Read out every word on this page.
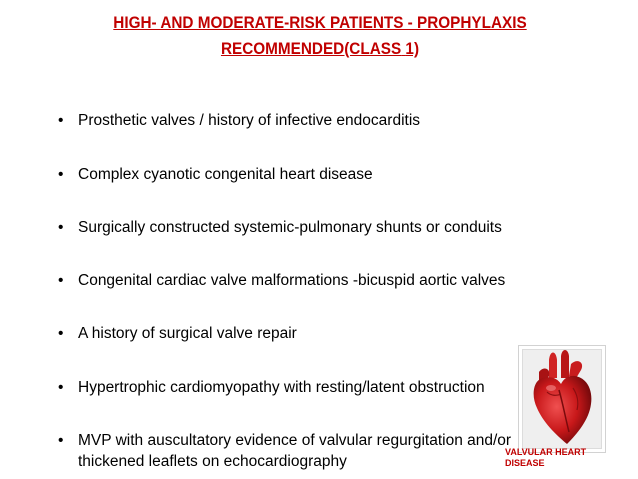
HIGH- AND MODERATE-RISK PATIENTS - PROPHYLAXIS
RECOMMENDED(CLASS 1)
• Prosthetic valves / history of infective endocarditis
• Complex cyanotic congenital heart disease
• Surgically constructed systemic-pulmonary shunts or conduits
• Congenital cardiac valve malformations -bicuspid aortic valves
• A history of surgical valve repair
• Hypertrophic cardiomyopathy with resting/latent obstruction
• MVP with auscultatory evidence of valvular regurgitation and/or
thickened leaflets on echocardiography
VALVULAR HEART
DISEASE
